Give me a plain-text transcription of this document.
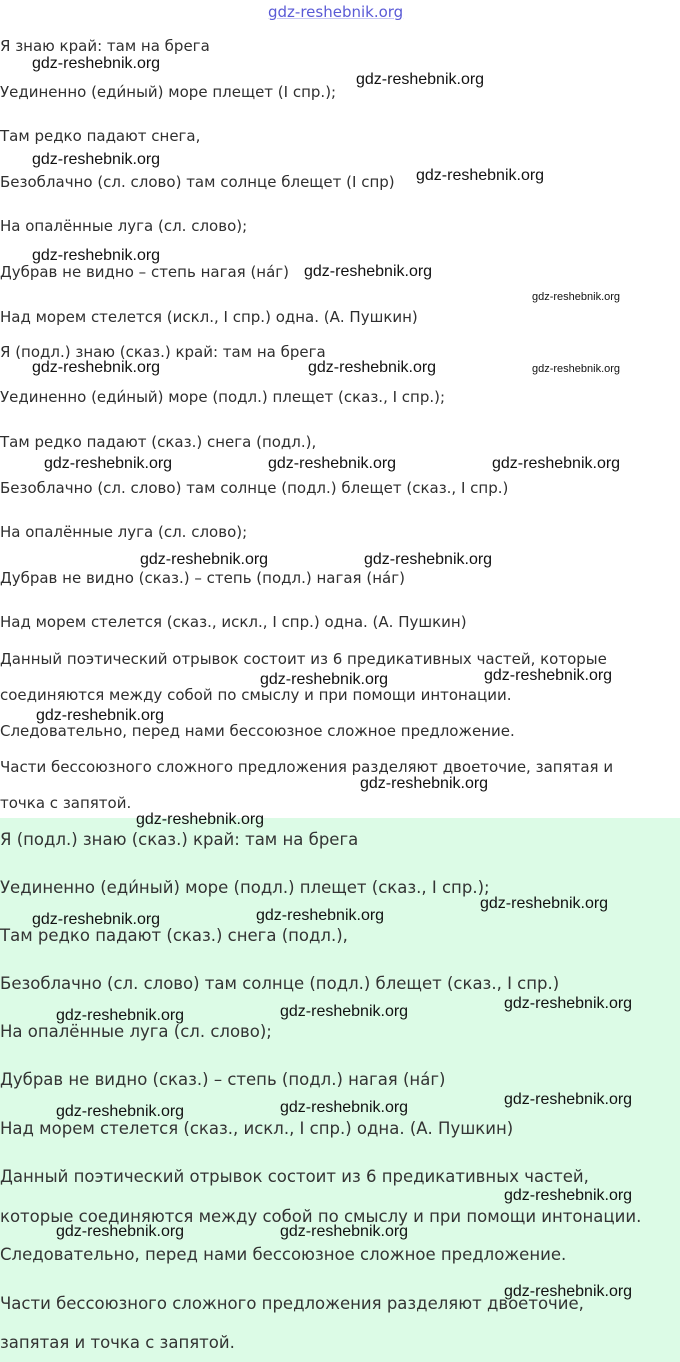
gdz-reshebnik.org
Я знаю край: там на брега
Уединенно (еди́ный) море плещет (I спр.);
Там редко падают снега,
Безоблачно (сл. слово) там солнце блещет (I спр)
На опалённые луга (сл. слово);
Дубрав не видно – степь нагая (на́г)
Над морем стелется (искл., I спр.) одна. (А. Пушкин)
Я (подл.) знаю (сказ.) край: там на брега
Уединенно (еди́ный) море (подл.) плещет (сказ., I спр.);
Там редко падают (сказ.) снега (подл.),
Безоблачно (сл. слово) там солнце (подл.) блещет (сказ., I спр.)
На опалённые луга (сл. слово);
Дубрав не видно (сказ.) – степь (подл.) нагая (на́г)
Над морем стелется (сказ., искл., I спр.) одна. (А. Пушкин)
Данный поэтический отрывок состоит из 6 предикативных частей, которые
соединяются между собой по смыслу и при помощи интонации.
Следовательно, перед нами бессоюзное сложное предложение.
Части бессоюзного сложного предложения разделяют двоеточие, запятая и
точка с запятой.
Я (подл.) знаю (сказ.) край: там на брега
Уединенно (еди́ный) море (подл.) плещет (сказ., I спр.);
Там редко падают (сказ.) снега (подл.),
Безоблачно (сл. слово) там солнце (подл.) блещет (сказ., I спр.)
На опалённые луга (сл. слово);
Дубрав не видно (сказ.) – степь (подл.) нагая (на́г)
Над морем стелется (сказ., искл., I спр.) одна. (А. Пушкин)
Данный поэтический отрывок состоит из 6 предикативных частей,
которые соединяются между собой по смыслу и при помощи интонации.
Следовательно, перед нами бессоюзное сложное предложение.
Части бессоюзного сложного предложения разделяют двоеточие,
запятая и точка с запятой.
gdz-reshebnik.org
gdz-reshebnik.org
gdz-reshebnik.org
gdz-reshebnik.org
gdz-reshebnik.org
gdz-reshebnik.org
gdz-reshebnik.org
gdz-reshebnik.org	gdz-reshebnik.org	gdz-reshebnik.org
gdz-reshebnik.org	gdz-reshebnik.org	gdz-reshebnik.org
gdz-reshebnik.org	gdz-reshebnik.org
gdz-reshebnik.org	gdz-reshebnik.org
gdz-reshebnik.org
gdz-reshebnik.org
gdz-reshebnik.org
gdz-reshebnik.org
gdz-reshebnik.org	gdz-reshebnik.org
gdz-reshebnik.org
gdz-reshebnik.org	gdz-reshebnik.org
gdz-reshebnik.org
gdz-reshebnik.org	gdz-reshebnik.org
gdz-reshebnik.org
gdz-reshebnik.org	gdz-reshebnik.org
gdz-reshebnik.org
